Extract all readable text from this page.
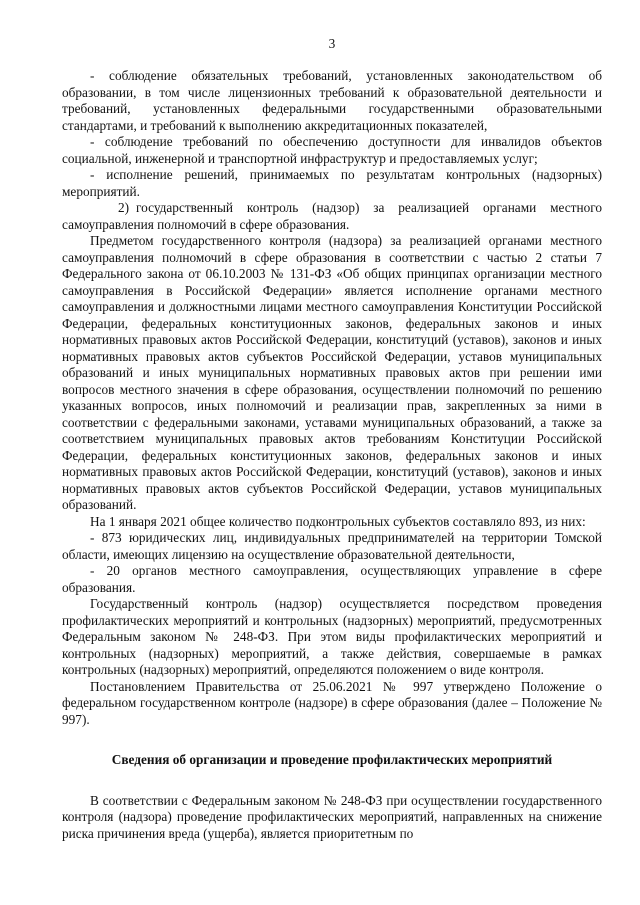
3

- соблюдение обязательных требований, установленных законодательством об образовании, в том числе лицензионных требований к образовательной деятельности и требований, установленных федеральными государственными образовательными стандартами, и требований к выполнению аккредитационных показателей,

- соблюдение требований по обеспечению доступности для инвалидов объектов социальной, инженерной и транспортной инфраструктур и предоставляемых услуг;

- исполнение решений, принимаемых по результатам контрольных (надзорных) мероприятий.

2) государственный контроль (надзор) за реализацией органами местного самоуправления полномочий в сфере образования.

Предметом государственного контроля (надзора) за реализацией органами местного самоуправления полномочий в сфере образования в соответствии с частью 2 статьи 7 Федерального закона от 06.10.2003 № 131-ФЗ «Об общих принципах организации местного самоуправления в Российской Федерации» является исполнение органами местного самоуправления и должностными лицами местного самоуправления Конституции Российской Федерации, федеральных конституционных законов, федеральных законов и иных нормативных правовых актов Российской Федерации, конституций (уставов), законов и иных нормативных правовых актов субъектов Российской Федерации, уставов муниципальных образований и иных муниципальных нормативных правовых актов при решении ими вопросов местного значения в сфере образования, осуществлении полномочий по решению указанных вопросов, иных полномочий и реализации прав, закрепленных за ними в соответствии с федеральными законами, уставами муниципальных образований, а также за соответствием муниципальных правовых актов требованиям Конституции Российской Федерации, федеральных конституционных законов, федеральных законов и иных нормативных правовых актов Российской Федерации, конституций (уставов), законов и иных нормативных правовых актов субъектов Российской Федерации, уставов муниципальных образований.

На 1 января 2021 общее количество подконтрольных субъектов составляло 893, из них:

- 873 юридических лиц, индивидуальных предпринимателей на территории Томской области, имеющих лицензию на осуществление образовательной деятельности,

- 20 органов местного самоуправления, осуществляющих управление в сфере образования.

Государственный контроль (надзор) осуществляется посредством проведения профилактических мероприятий и контрольных (надзорных) мероприятий, предусмотренных Федеральным законом № 248-ФЗ. При этом виды профилактических мероприятий и контрольных (надзорных) мероприятий, а также действия, совершаемые в рамках контрольных (надзорных) мероприятий, определяются положением о виде контроля.

Постановлением Правительства от 25.06.2021 № 997 утверждено Положение о федеральном государственном контроле (надзоре) в сфере образования (далее – Положение № 997).

Сведения об организации и проведение профилактических мероприятий

В соответствии с Федеральным законом № 248-ФЗ при осуществлении государственного контроля (надзора) проведение профилактических мероприятий, направленных на снижение риска причинения вреда (ущерба), является приоритетным по
